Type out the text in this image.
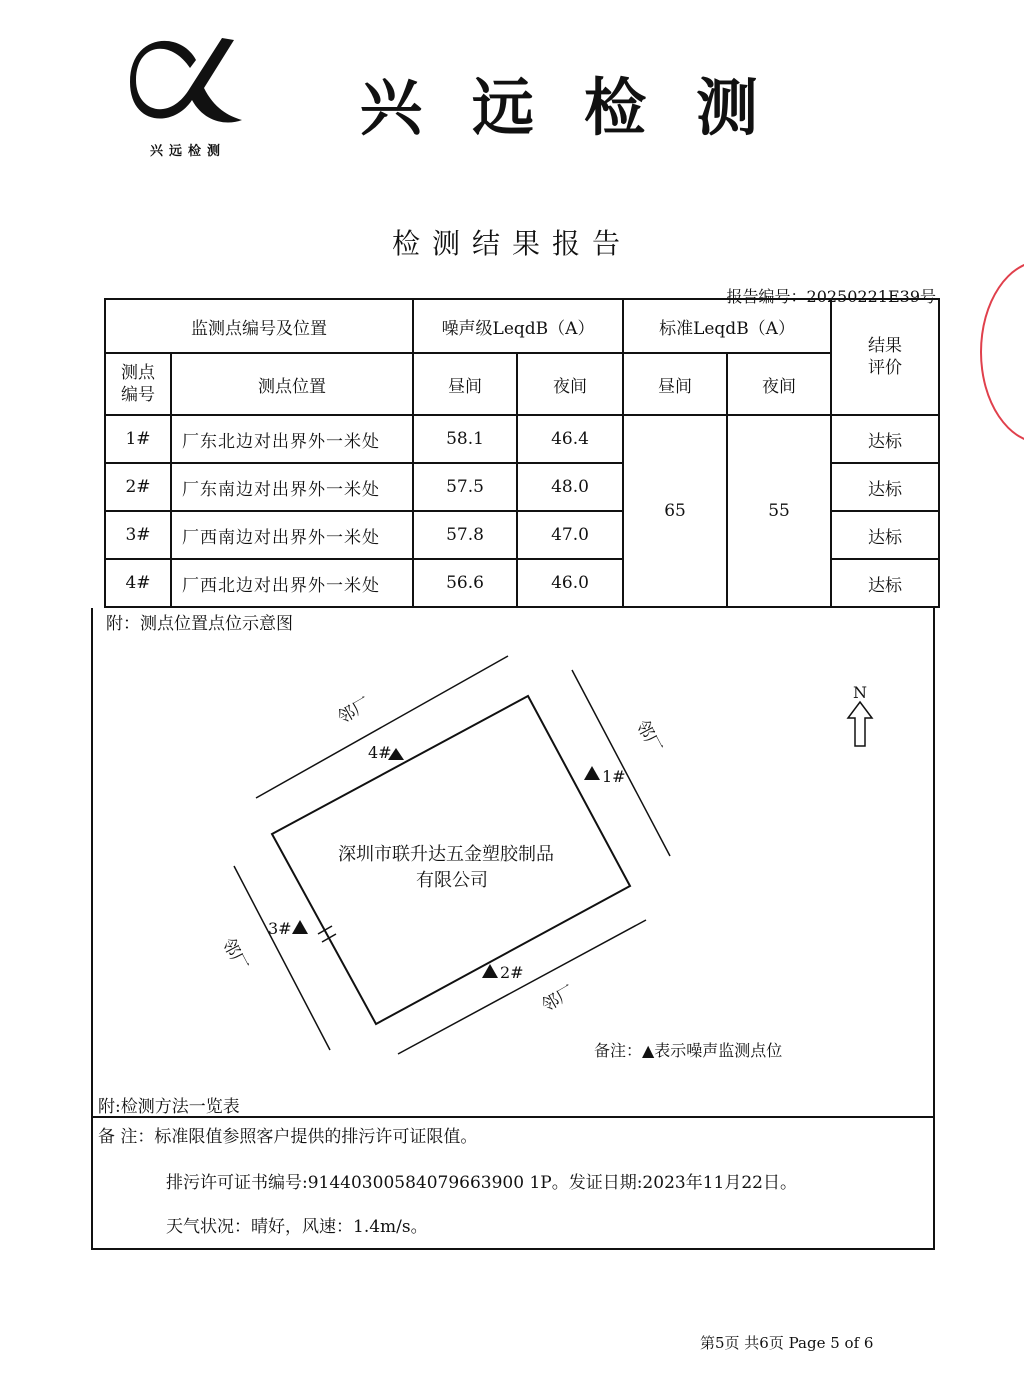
兴远检测
兴远检测
检测结果报告
报告编号：20250221E39号
监测点编号及位置		噪声级LeqdB（A）		标准LeqdB（A）		结果评价
测点编号	测点位置	昼间	夜间	昼间	夜间	
1#	厂东北边对出界外一米处	58.1	46.4	65	55	达标
2#	厂东南边对出界外一米处	57.5	48.0			达标
3#	厂西南边对出界外一米处	57.8	47.0			达标
4#	厂西北边对出界外一米处	56.6	46.0			达标
附：测点位置点位示意图
深圳市联升达五金塑胶制品
有限公司
邻厂
邻厂
邻厂
邻厂
4#
1#
3#
2#
N
备注：▲表示噪声监测点位
附:检测方法一览表
备 注：标准限值参照客户提供的排污许可证限值。
排污许可证书编号:91440300584079663900 1P。发证日期:2023年11月22日。
天气状况：晴好，风速：1.4m/s。
第5页 共6页 Page 5 of 6
